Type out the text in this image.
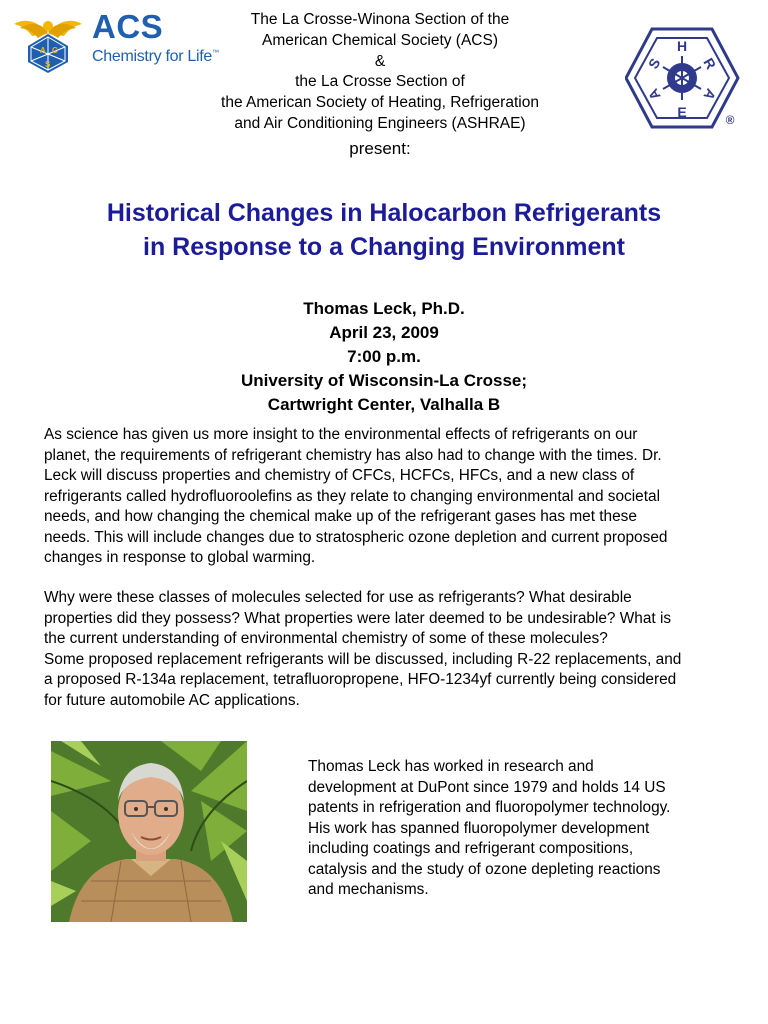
A C
S
ACS
Chemistry for Life™
The La Crosse-Winona Section of the
American Chemical Society (ACS)
&
the La Crosse Section of
the American Society of Heating, Refrigeration
and Air Conditioning Engineers (ASHRAE)
present:
H
R
A
E
A
S
®
Historical Changes in Halocarbon Refrigerants
in Response to a Changing Environment
Thomas Leck, Ph.D.
April 23, 2009
7:00 p.m.
University of Wisconsin-La Crosse;
Cartwright Center, Valhalla B
As science has given us more insight to the environmental effects of refrigerants on our
planet, the requirements of refrigerant chemistry has also had to change with the times. Dr.
Leck will discuss properties and chemistry of CFCs, HCFCs, HFCs, and a new class of
refrigerants called hydrofluoroolefins as they relate to changing environmental and societal
needs, and how changing the chemical make up of the refrigerant gases has met these
needs. This will include changes due to stratospheric ozone depletion and current proposed
changes in response to global warming.
Why were these classes of molecules selected for use as refrigerants? What desirable
properties did they possess? What properties were later deemed to be undesirable? What is
the current understanding of environmental chemistry of some of these molecules?
Some proposed replacement refrigerants will be discussed, including R-22 replacements, and
a proposed R-134a replacement, tetrafluoropropene, HFO-1234yf currently being considered
for future automobile AC applications.
Thomas Leck has worked in research and
development at DuPont since 1979 and holds 14 US
patents in refrigeration and fluoropolymer technology.
His work has spanned fluoropolymer development
including coatings and refrigerant compositions,
catalysis and the study of ozone depleting reactions
and mechanisms.
